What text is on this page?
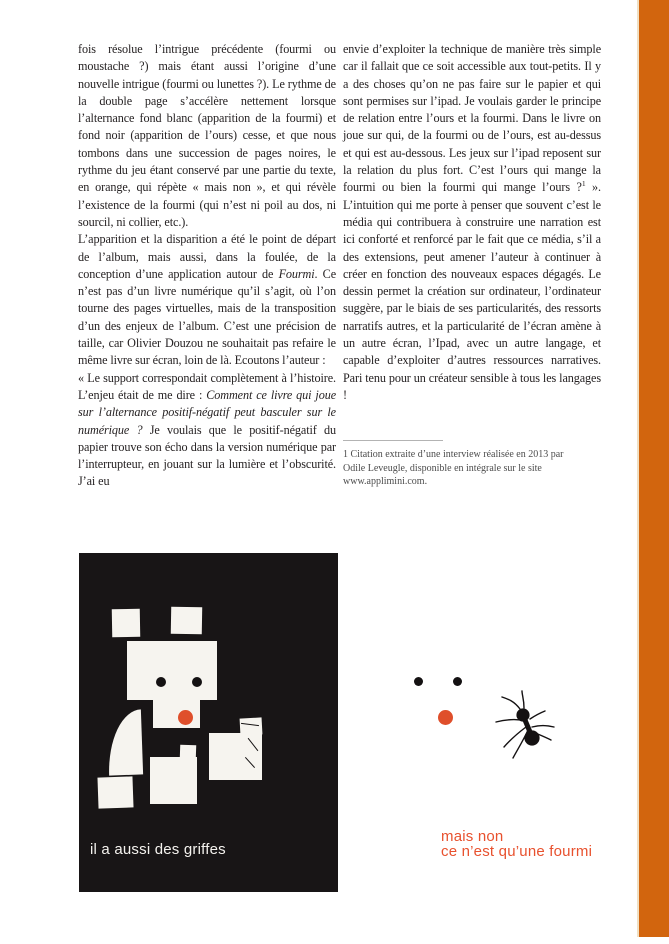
fois résolue l’intrigue précédente (fourmi ou moustache ?) mais étant aussi l’origine d’une nouvelle intrigue (fourmi ou lunettes ?). Le rythme de la double page s’accélère nettement lorsque l’alternance fond blanc (apparition de la fourmi) et fond noir (apparition de l’ours) cesse, et que nous tombons dans une succession de pages noires, le rythme du jeu étant conservé par une partie du texte, en orange, qui répète « mais non », et qui révèle l’existence de la fourmi (qui n’est ni poil au dos, ni sourcil, ni collier, etc.).

L’apparition et la disparition a été le point de départ de l’album, mais aussi, dans la foulée, de la conception d’une application autour de Fourmi. Ce n’est pas d’un livre numérique qu’il s’agit, où l’on tourne des pages virtuelles, mais de la transposition d’un des enjeux de l’album. C’est une précision de taille, car Olivier Douzou ne souhaitait pas refaire le même livre sur écran, loin de là. Ecoutons l’auteur :

« Le support correspondait complètement à l’histoire. L’enjeu était de me dire : Comment ce livre qui joue sur l’alternance positif-négatif peut basculer sur le numérique ? Je voulais que le positif-négatif du papier trouve son écho dans la version numérique par l’interrupteur, en jouant sur la lumière et l’obscurité. J’ai eu

envie d’exploiter la technique de manière très simple car il fallait que ce soit accessible aux tout-petits. Il y a des choses qu’on ne pas faire sur le papier et qui sont permises sur l’ipad. Je voulais garder le principe de relation entre l’ours et la fourmi. Dans le livre on joue sur qui, de la fourmi ou de l’ours, est au-dessus et qui est au-dessous. Les jeux sur l’ipad reposent sur la relation du plus fort. C’est l’ours qui mange la fourmi ou bien la fourmi qui mange l’ours ?$^1$ ». L’intuition qui me porte à penser que souvent c’est le média qui contribuera à construire une narration est ici conforté et renforcé par le fait que ce média, s’il a des extensions, peut amener l’auteur à continuer à créer en fonction des nouveaux espaces dégagés. Le dessin permet la création sur ordinateur, l’ordinateur suggère, par le biais de ses particularités, des ressorts narratifs autres, et la particularité de l’écran amène à un autre écran, l’Ipad, avec un autre langage, et capable d’exploiter d’autres ressources narratives. Pari tenu pour un créateur sensible à tous les langages !

1 Citation extraite d’une interview réalisée en 2013 par Odile Leveugle, disponible en intégrale sur le site www.applimini.com.
il a aussi des griffes
mais non
ce n’est qu’une fourmi
